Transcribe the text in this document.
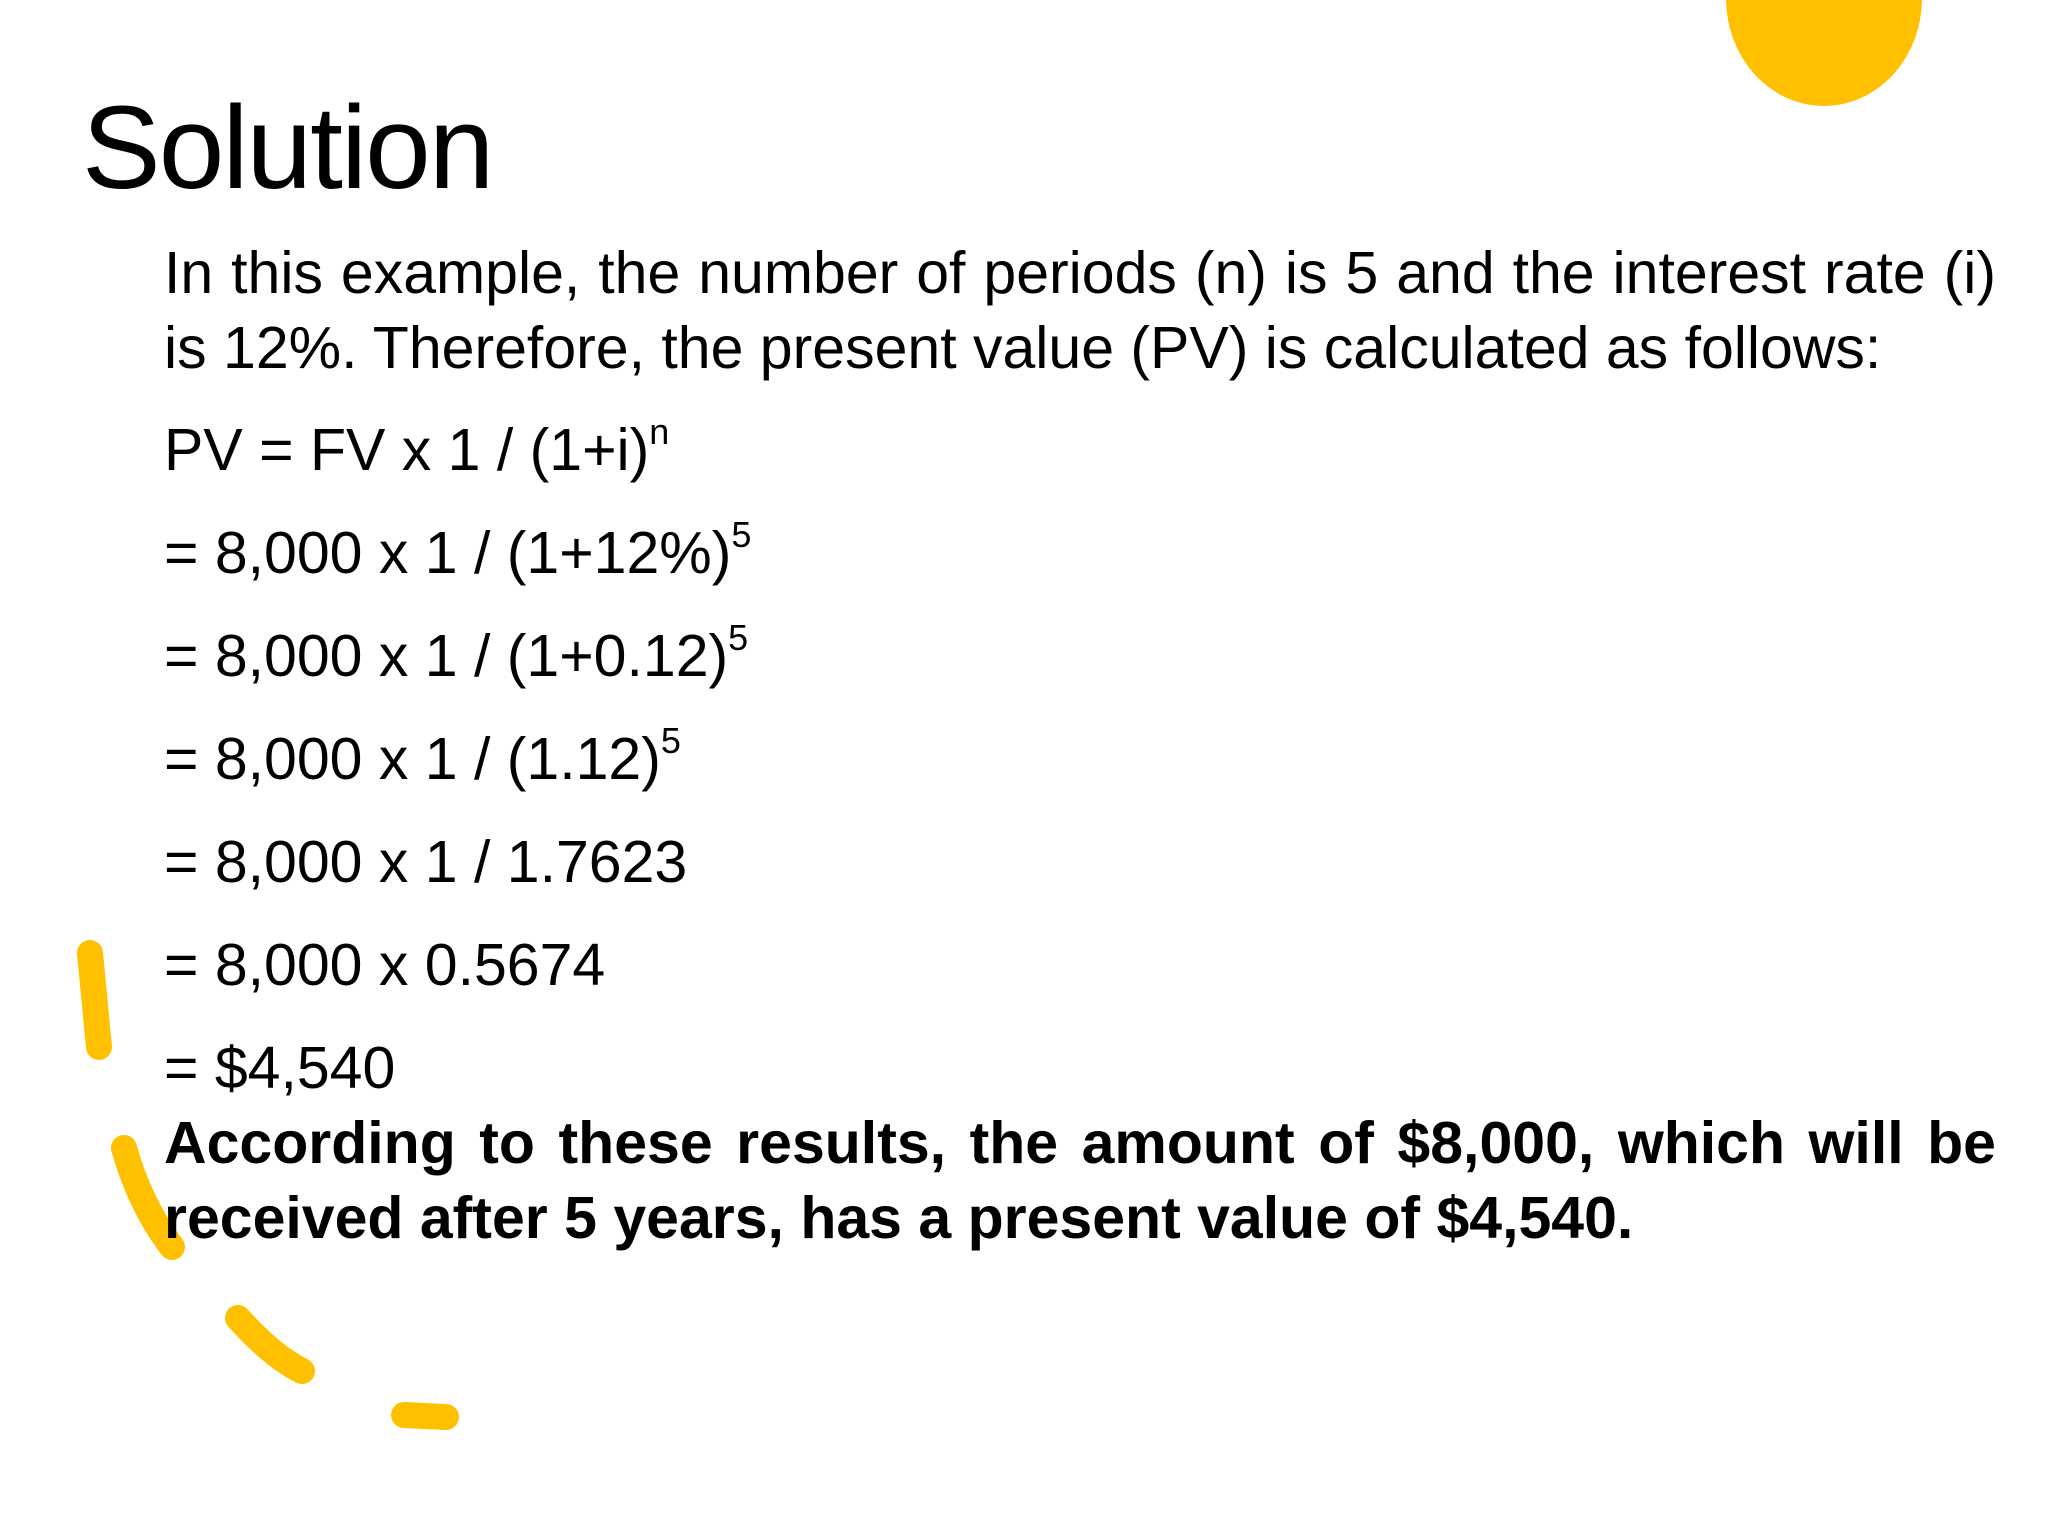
Solution

In this example, the number of periods (n) is 5 and the interest rate (i) is 12%. Therefore, the present value (PV) is calculated as follows:

PV = FV x $1 / (1+i)^n$
= 8,000 x $1 / (1+12\%)^5$
= 8,000 x $1 / (1+0.12)^5$
= 8,000 x $1 / (1.12)^5$
= 8,000 x 1 / 1.7623
= 8,000 x 0.5674
= $4,540

According to these results, the amount of $8,000, which will be received after 5 years, has a present value of $4,540.
